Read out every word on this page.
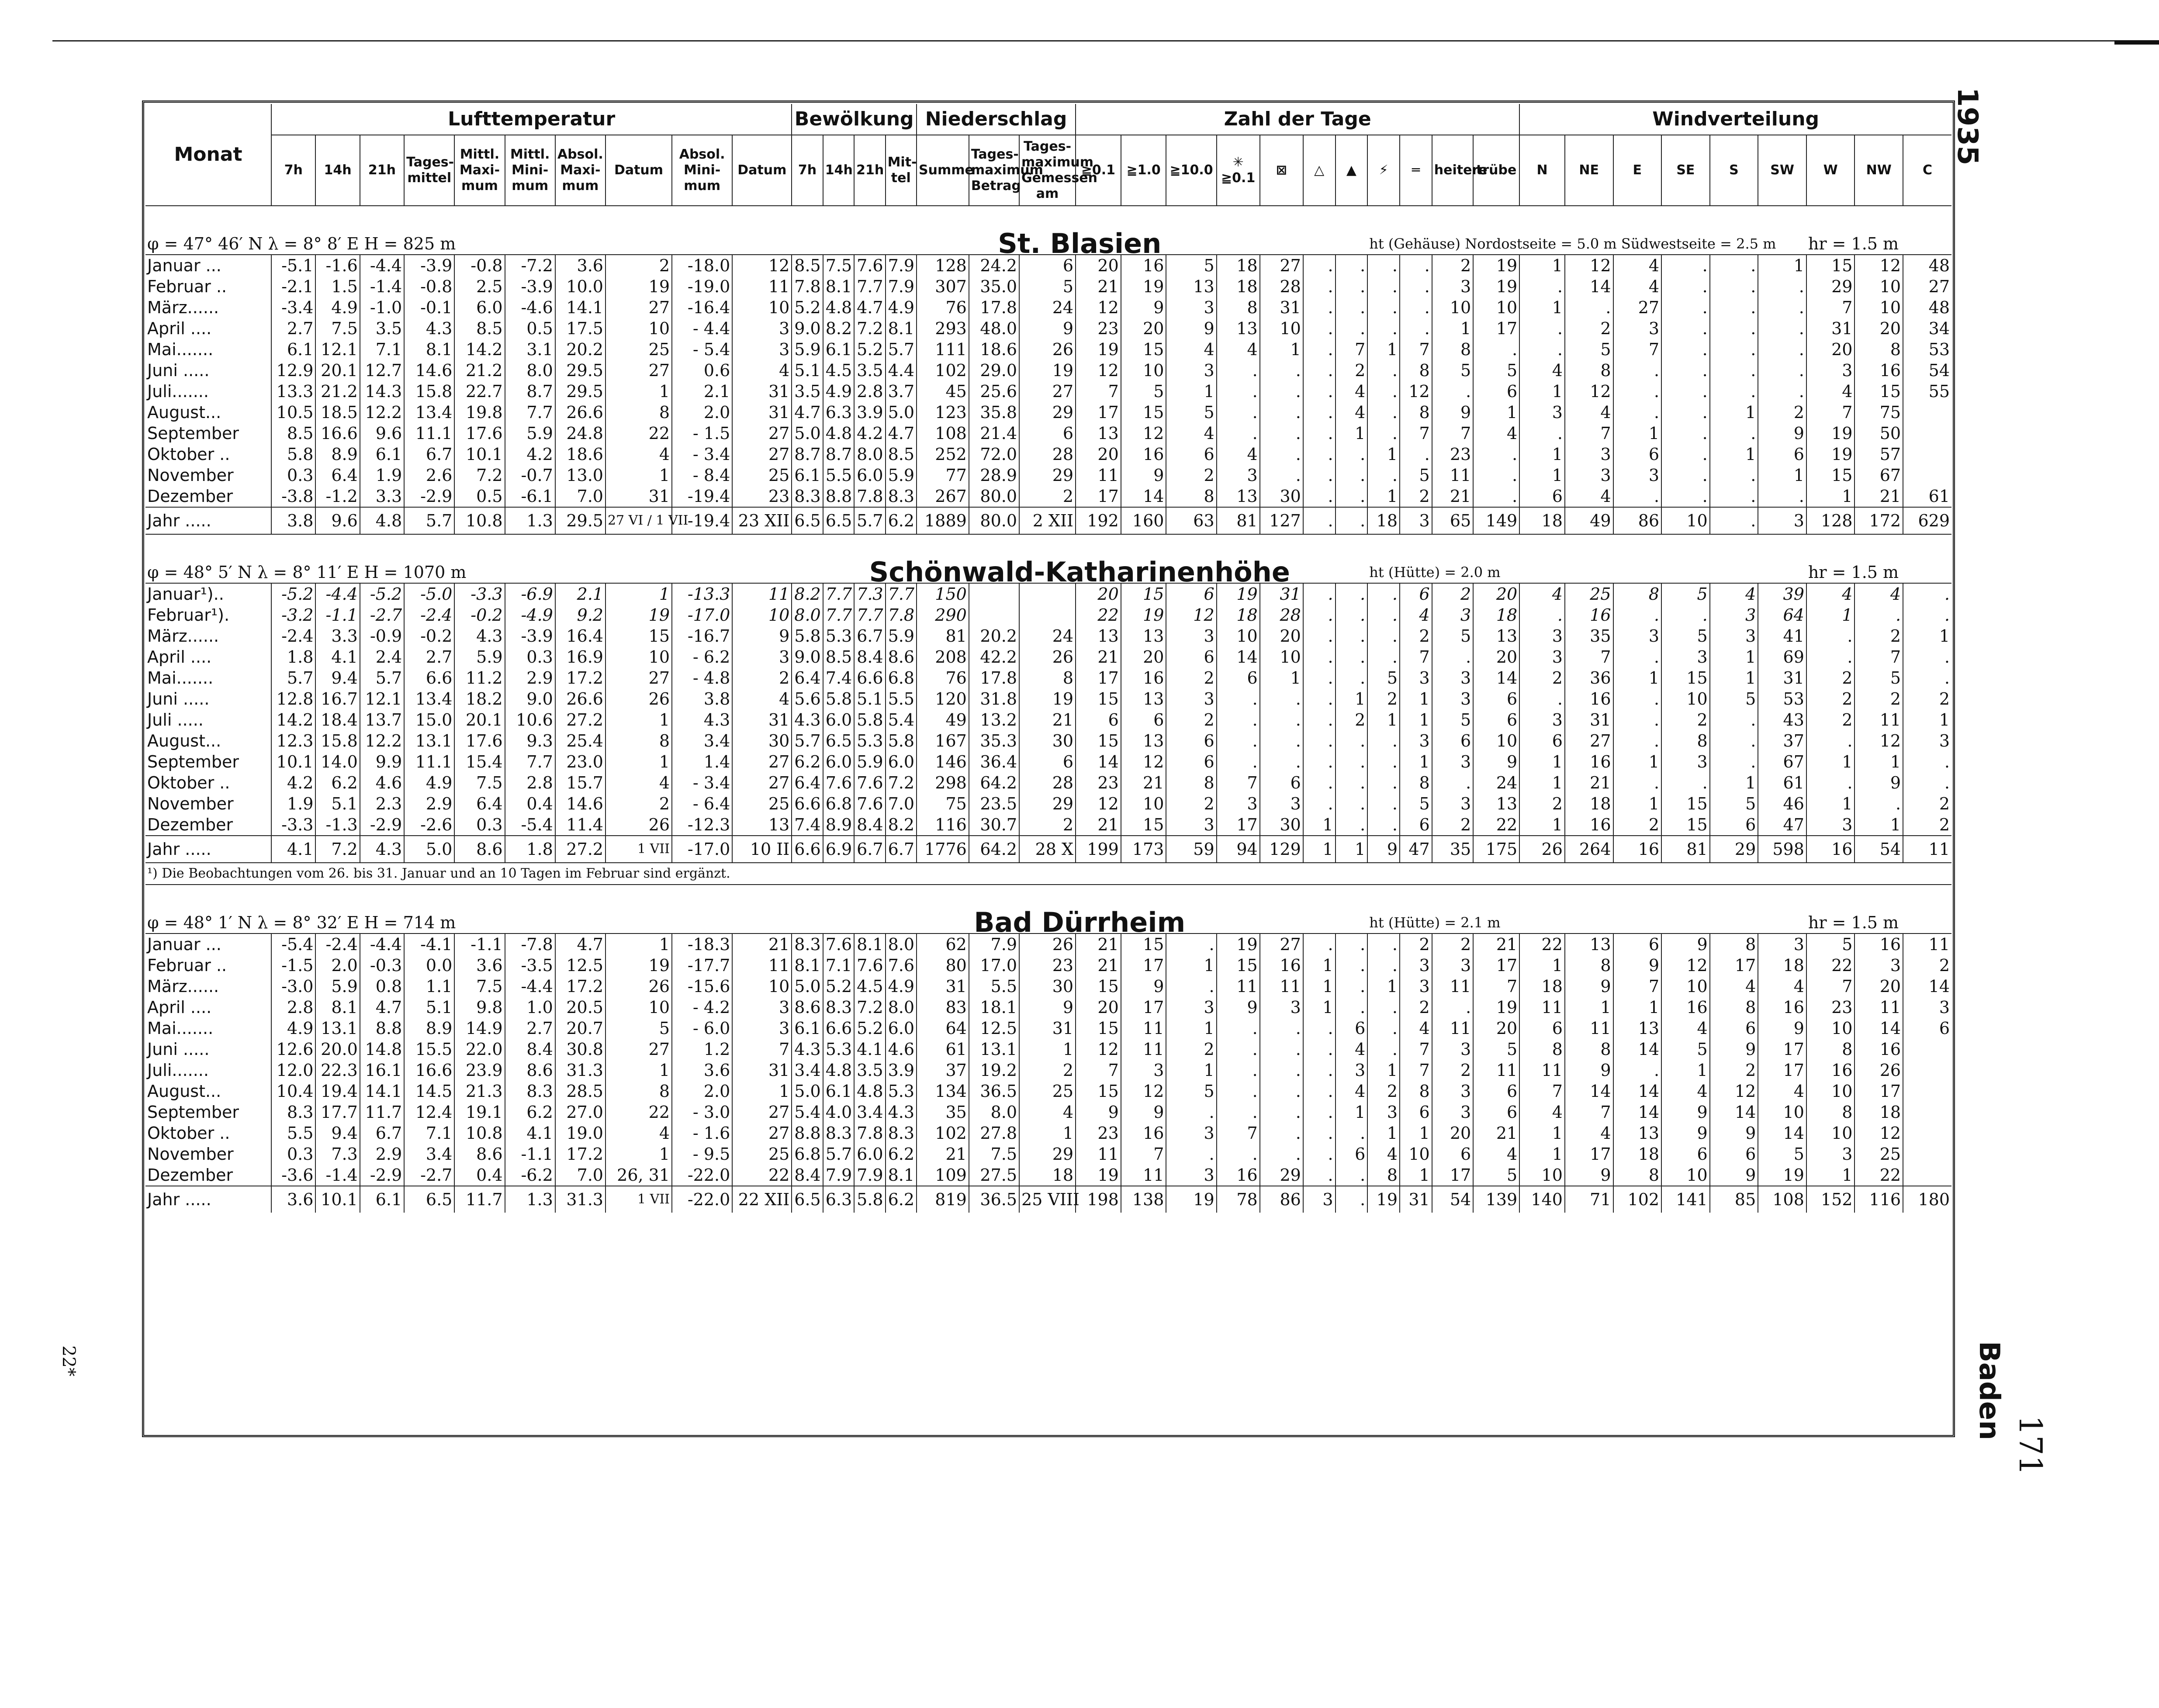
1935
Baden
171
22*
Monat	Lufttemperatur										Bewölkung				Niederschlag			Zahl der Tage											Windverteilung								
	7h	14h	21h	Tages-mittel	Mittl. Maxi-mum	Mittl. Mini-mum	Absol. Maxi-mum	Datum	Absol. Mini-mum	Datum	7h	14h	21h	Mit-tel	Summe	Tages-maximum Betrag	Tages-maximum Gemessen am	≧0.1	≧1.0	≧10.0	✳ ≧0.1	⊠	△	▲	⚡	═	heitere	trübe	N	NE	E	SE	S	SW	W	NW	C
φ = 47° 46′ N λ = 8° 8′ E H = 825 m											St. Blasien														ht (Gehäuse) Nordostseite = 5.0 m Südwestseite = 2.5 m										hr = 1.5 m		
Januar ...	-5.1	-1.6	-4.4	-3.9	-0.8	-7.2	3.6	2	-18.0	12	8.5	7.5	7.6	7.9	128	24.2	6	20	16	5	18	27	.	.	.	.	2	19	1	12	4	.	.	1	15	12	48
Februar ..	-2.1	1.5	-1.4	-0.8	2.5	-3.9	10.0	19	-19.0	11	7.8	8.1	7.7	7.9	307	35.0	5	21	19	13	18	28	.	.	.	.	3	19	.	14	4	.	.	.	29	10	27
März......	-3.4	4.9	-1.0	-0.1	6.0	-4.6	14.1	27	-16.4	10	5.2	4.8	4.7	4.9	76	17.8	24	12	9	3	8	31	.	.	.	.	10	10	1	.	27	.	.	.	7	10	48
April ....	2.7	7.5	3.5	4.3	8.5	0.5	17.5	10	- 4.4	3	9.0	8.2	7.2	8.1	293	48.0	9	23	20	9	13	10	.	.	.	.	1	17	.	2	3	.	.	.	31	20	34
Mai.......	6.1	12.1	7.1	8.1	14.2	3.1	20.2	25	- 5.4	3	5.9	6.1	5.2	5.7	111	18.6	26	19	15	4	4	1	.	7	1	7	8	.	.	5	7	.	.	.	20	8	53
Juni .....	12.9	20.1	12.7	14.6	21.2	8.0	29.5	27	0.6	4	5.1	4.5	3.5	4.4	102	29.0	19	12	10	3	.	.	.	2	.	8	5	5	4	8	.	.	.	.	3	16	54
Juli.......	13.3	21.2	14.3	15.8	22.7	8.7	29.5	1	2.1	31	3.5	4.9	2.8	3.7	45	25.6	27	7	5	1	.	.	.	4	.	12	.	6	1	12	.	.	.	.	4	15	55
August...	10.5	18.5	12.2	13.4	19.8	7.7	26.6	8	2.0	31	4.7	6.3	3.9	5.0	123	35.8	29	17	15	5	.	.	.	4	.	8	9	1	3	4	.	.	1	2	7	75	
September	8.5	16.6	9.6	11.1	17.6	5.9	24.8	22	- 1.5	27	5.0	4.8	4.2	4.7	108	21.4	6	13	12	4	.	.	.	1	.	7	7	4	.	7	1	.	.	9	19	50	
Oktober ..	5.8	8.9	6.1	6.7	10.1	4.2	18.6	4	- 3.4	27	8.7	8.7	8.0	8.5	252	72.0	28	20	16	6	4	.	.	.	1	.	23	.	1	3	6	.	1	6	19	57	
November	0.3	6.4	1.9	2.6	7.2	-0.7	13.0	1	- 8.4	25	6.1	5.5	6.0	5.9	77	28.9	29	11	9	2	3	.	.	.	.	5	11	.	1	3	3	.	.	1	15	67	
Dezember	-3.8	-1.2	3.3	-2.9	0.5	-6.1	7.0	31	-19.4	23	8.3	8.8	7.8	8.3	267	80.0	2	17	14	8	13	30	.	.	1	2	21	.	6	4	.	.	.	.	1	21	61
Jahr .....	3.8	9.6	4.8	5.7	10.8	1.3	29.5	27 VI / 1 VII	-19.4	23 XII	6.5	6.5	5.7	6.2	1889	80.0	2 XII	192	160	63	81	127	.	.	18	3	65	149	18	49	86	10	.	3	128	172	629
φ = 48° 5′ N λ = 8° 11′ E H = 1070 m											Schönwald-Katharinenhöhe														ht (Hütte) = 2.0 m										hr = 1.5 m		
Januar¹)..	-5.2	-4.4	-5.2	-5.0	-3.3	-6.9	2.1	1	-13.3	11	8.2	7.7	7.3	7.7	150			20	15	6	19	31	.	.	.	6	2	20	4	25	8	5	4	39	4	4	.
Februar¹).	-3.2	-1.1	-2.7	-2.4	-0.2	-4.9	9.2	19	-17.0	10	8.0	7.7	7.7	7.8	290			22	19	12	18	28	.	.	.	4	3	18	.	16	.	.	3	64	1	.	.
März......	-2.4	3.3	-0.9	-0.2	4.3	-3.9	16.4	15	-16.7	9	5.8	5.3	6.7	5.9	81	20.2	24	13	13	3	10	20	.	.	.	2	5	13	3	35	3	5	3	41	.	2	1
April ....	1.8	4.1	2.4	2.7	5.9	0.3	16.9	10	- 6.2	3	9.0	8.5	8.4	8.6	208	42.2	26	21	20	6	14	10	.	.	.	7	.	20	3	7	.	3	1	69	.	7	.
Mai.......	5.7	9.4	5.7	6.6	11.2	2.9	17.2	27	- 4.8	2	6.4	7.4	6.6	6.8	76	17.8	8	17	16	2	6	1	.	.	5	3	3	14	2	36	1	15	1	31	2	5	.
Juni .....	12.8	16.7	12.1	13.4	18.2	9.0	26.6	26	3.8	4	5.6	5.8	5.1	5.5	120	31.8	19	15	13	3	.	.	.	1	2	1	3	6	.	16	.	10	5	53	2	2	2
Juli .....	14.2	18.4	13.7	15.0	20.1	10.6	27.2	1	4.3	31	4.3	6.0	5.8	5.4	49	13.2	21	6	6	2	.	.	.	2	1	1	5	6	3	31	.	2	.	43	2	11	1
August...	12.3	15.8	12.2	13.1	17.6	9.3	25.4	8	3.4	30	5.7	6.5	5.3	5.8	167	35.3	30	15	13	6	.	.	.	.	.	3	6	10	6	27	.	8	.	37	.	12	3
September	10.1	14.0	9.9	11.1	15.4	7.7	23.0	1	1.4	27	6.2	6.0	5.9	6.0	146	36.4	6	14	12	6	.	.	.	.	.	1	3	9	1	16	1	3	.	67	1	1	.
Oktober ..	4.2	6.2	4.6	4.9	7.5	2.8	15.7	4	- 3.4	27	6.4	7.6	7.6	7.2	298	64.2	28	23	21	8	7	6	.	.	.	8	.	24	1	21	.	.	1	61	.	9	.
November	1.9	5.1	2.3	2.9	6.4	0.4	14.6	2	- 6.4	25	6.6	6.8	7.6	7.0	75	23.5	29	12	10	2	3	3	.	.	.	5	3	13	2	18	1	15	5	46	1	.	2
Dezember	-3.3	-1.3	-2.9	-2.6	0.3	-5.4	11.4	26	-12.3	13	7.4	8.9	8.4	8.2	116	30.7	2	21	15	3	17	30	1	.	.	6	2	22	1	16	2	15	6	47	3	1	2
Jahr .....	4.1	7.2	4.3	5.0	8.6	1.8	27.2	1 VII	-17.0	10 II	6.6	6.9	6.7	6.7	1776	64.2	28 X	199	173	59	94	129	1	1	9	47	35	175	26	264	16	81	29	598	16	54	11
¹) Die Beobachtungen vom 26. bis 31. Januar und an 10 Tagen im Februar sind ergänzt.																																					
φ = 48° 1′ N λ = 8° 32′ E H = 714 m											Bad Dürrheim														ht (Hütte) = 2.1 m										hr = 1.5 m		
Januar ...	-5.4	-2.4	-4.4	-4.1	-1.1	-7.8	4.7	1	-18.3	21	8.3	7.6	8.1	8.0	62	7.9	26	21	15	.	19	27	.	.	.	2	2	21	22	13	6	9	8	3	5	16	11
Februar ..	-1.5	2.0	-0.3	0.0	3.6	-3.5	12.5	19	-17.7	11	8.1	7.1	7.6	7.6	80	17.0	23	21	17	1	15	16	1	.	.	3	3	17	1	8	9	12	17	18	22	3	2
März......	-3.0	5.9	0.8	1.1	7.5	-4.4	17.2	26	-15.6	10	5.0	5.2	4.5	4.9	31	5.5	30	15	9	.	11	11	1	.	1	3	11	7	18	9	7	10	4	4	7	20	14
April ....	2.8	8.1	4.7	5.1	9.8	1.0	20.5	10	- 4.2	3	8.6	8.3	7.2	8.0	83	18.1	9	20	17	3	9	3	1	.	.	2	.	19	11	1	1	16	8	16	23	11	3
Mai.......	4.9	13.1	8.8	8.9	14.9	2.7	20.7	5	- 6.0	3	6.1	6.6	5.2	6.0	64	12.5	31	15	11	1	.	.	.	6	.	4	11	20	6	11	13	4	6	9	10	14	6
Juni .....	12.6	20.0	14.8	15.5	22.0	8.4	30.8	27	1.2	7	4.3	5.3	4.1	4.6	61	13.1	1	12	11	2	.	.	.	4	.	7	3	5	8	8	14	5	9	17	8	16	
Juli.......	12.0	22.3	16.1	16.6	23.9	8.6	31.3	1	3.6	31	3.4	4.8	3.5	3.9	37	19.2	2	7	3	1	.	.	.	3	1	7	2	11	11	9	.	1	2	17	16	26	
August...	10.4	19.4	14.1	14.5	21.3	8.3	28.5	8	2.0	1	5.0	6.1	4.8	5.3	134	36.5	25	15	12	5	.	.	.	4	2	8	3	6	7	14	14	4	12	4	10	17	
September	8.3	17.7	11.7	12.4	19.1	6.2	27.0	22	- 3.0	27	5.4	4.0	3.4	4.3	35	8.0	4	9	9	.	.	.	.	1	3	6	3	6	4	7	14	9	14	10	8	18	
Oktober ..	5.5	9.4	6.7	7.1	10.8	4.1	19.0	4	- 1.6	27	8.8	8.3	7.8	8.3	102	27.8	1	23	16	3	7	.	.	.	1	1	20	21	1	4	13	9	9	14	10	12	
November	0.3	7.3	2.9	3.4	8.6	-1.1	17.2	1	- 9.5	25	6.8	5.7	6.0	6.2	21	7.5	29	11	7	.	.	.	.	6	4	10	6	4	1	17	18	6	6	5	3	25	
Dezember	-3.6	-1.4	-2.9	-2.7	0.4	-6.2	7.0	26, 31	-22.0	22	8.4	7.9	7.9	8.1	109	27.5	18	19	11	3	16	29	.	.	8	1	17	5	10	9	8	10	9	19	1	22	
Jahr .....	3.6	10.1	6.1	6.5	11.7	1.3	31.3	1 VII	-22.0	22 XII	6.5	6.3	5.8	6.2	819	36.5	25 VIII	198	138	19	78	86	3	.	19	31	54	139	140	71	102	141	85	108	152	116	180
